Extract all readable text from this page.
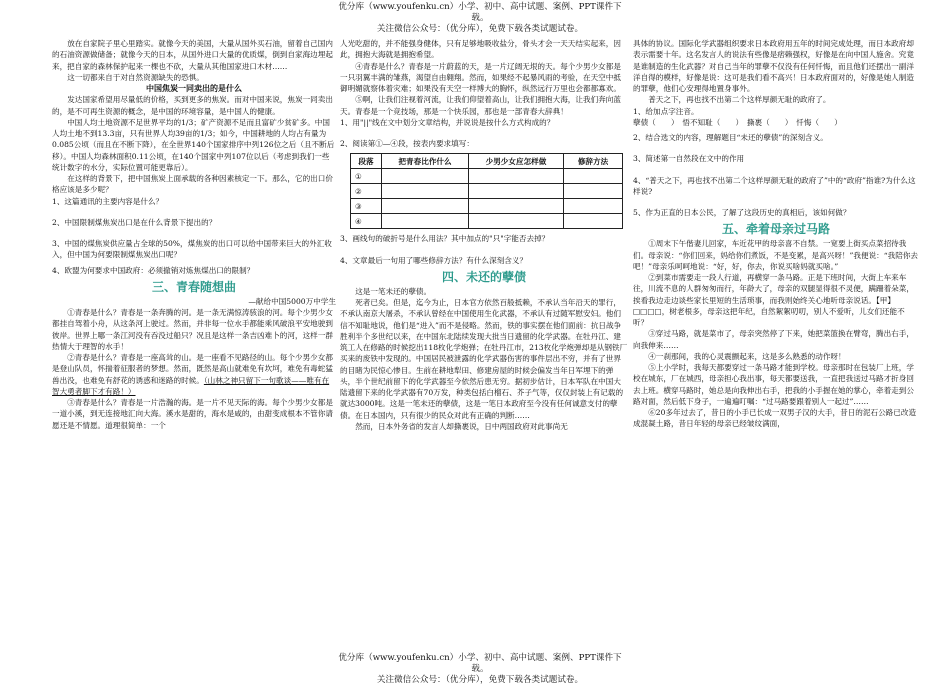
优分库（www.youfenku.cn）小学、初中、高中试题、案例、PPT课件下载。
关注微信公众号：（优分库），免费下载各类试题试卷。

放在自家院子里心里踏实。就像今天的美国，大量从国外买石油，留着自己国内的石油资源做储备；就像今天的日本，从国外进口大量的优质煤，倒到自家海边埋起来，把自家的森林保护起来一棵也不砍，大量从其他国家进口木材……

这一切都来自于对自然资源缺失的恐惧。

中国焦炭一同卖出的是什么

发达国家希望用尽量低的价格，买到更多的焦炭。而对中国来说，焦炭一同卖出的，是不可再生资源的概念，是中国的环境容量，是中国人的健康。

中国人均土地资源不足世界平均的1/3；矿产资源不足而且富矿少贫矿多。中国人均土地不到13.3亩，只有世界人均39亩的1/3；如今，中国耕地的人均占有量为0.085公顷（而且在不断下降），在全世界140个国家排序中列126位之后（且不断后移）。中国人均森林面积0.11公顷，在140个国家中列107位以后（考虑到我们一些统计数字的水分，实际位置可能更靠后）。

在这样的背景下，把中国焦炭上面承载的各种因素核定一下。那么，它的出口价格应该是多少呢？

1、这篇通讯的主要内容是什么？

2、中国限制煤焦炭出口是在什么背景下提出的？

3、中国的煤焦炭供应量占全球的50%，煤焦炭的出口可以给中国带来巨大的外汇收入，但中国为何要限制煤焦炭出口呢？

4、欧盟为何要求中国政府：必须撤销对炼焦煤出口的限制？

三、青春随想曲
—献给中国5000万中学生

①青春是什么？青春是一条奔腾的河。是一条无满惊涛骇浪的河。每个少男少女都挂自驾着小舟，从这条河上驶过。然而，并非每一位水手都能乘风破浪平安地驶到彼岸。世界上哪一条江河没有吞没过船只？况且是这样一条吉凶难卜的河，这样一群热情大于理智的水手！

②青春是什么？青春是一座高耸的山。是一座看不见路径的山。每个少男少女都是登山队员，怀揣着征服者的梦想。然而，既然是高山就难免有坎坷，难免有毒蛇猛兽出没，也难免有舒花的诱惑和迷路的时候。（山林之神只留下一句歌谈——唯有在智大勇者脚下才有路！）

③青春是什么？青春是一片浩瀚的海。是一片不见天际的海。每个少男少女都是一道小溪，到无连接地汇向大海。溪水是甜的，海水是咸的，由甜变成根本不管你请愿还是不情愿。道理很简单：一个

人光吃甜的，并不能强身健体，只有足够地吸收盐分，骨头才会一天天结实起来，因此，拥抱大海就是拥抱希望。

④青春是什么？青春是一片蔚蓝的天，是一片辽阔无垠的天。每个少男少女都是一只羽翼丰满的雏燕，渴望自由翱翔。然而，如果经不起暴风雨的考验，在天空中抵御明媚就察体着灾难；如果没有天空一样博大的胸怀，纵然远行万里也会都都寡欢。

⑤啊，让我们注视着河流，让我们仰望着高山，让我们拥抱大海，让我们奔向蓝天。青春是一个竞技场，那是一个快乐园，那也是一部青春大辞典！

1、用"||"线在文中划分文章结构，并说说是按什么方式构成的？

2、阅读第①—④段，按表内要求填写：

段落	把青春比作什么	少男少女应怎样做	修辞方法
①			
②			
③			
④			

3、画线句的破折号是什么用法？其中加点的"只"字能否去掉？

4、文章最后一句用了哪些修辞方法？有什么深刻含义？

四、未还的孽债

这是一笔未还的孽债。

死者已矣。但是，迄今为止，日本官方依然百般抵赖，不承认当年沿天的罪行，不承认南京大屠杀，不承认曾经在中国使用生化武器，不承认有过随军慰安妇。他们信不知耻地说，他们是“进入”而不是侵略。然而，铁的事实摆在他们面前：抗日战争胜利半个多世纪以来，在中国东北陆续发现大批当日遗留的化学武器。在牡丹江、建筑工人在修路的时候挖出118枚化学炮弹；在牡丹江市，213枚化学炮弹却是从钢铁厂买来的废铁中发现的。中国居民被泄露的化学武器伤害的事件层出不穷，并有了世界的目睹为民惊心惨目。生前在耕地犁田、修建房屋的时候会偏发当年日军埋下的弹头，半个世纪前留下的化学武器至今依然后患无穷。据初步估计，日本军队在中国大陆遗留下来的化学武器有70万发，种类包括白榴石、芥子气等，仅仅封装上有记载的就达3000吨。这是一笔未还的孽债，这是一笔日本政府至今没有任何诚意支付的孽债。在日本国内，只有很少的民众对此有正确的判断……

然而，日本外务省的发言人却撕裹说，日中两国政府对此事尚无

具体的协议。国际化学武器组织要求日本政府用五年的时间完成处理，而日本政府却表示需要十年。这名发言人的说法有些像是痞赖强权，好像是在向中国人施舍。究竟是谁制造的生化武器？对自己当年的罪孽不仅没有任何忏悔，而且他们还摆出一副洋洋自得的模样，好像是说：这可是我们看不高兴！日本政府面对的，好像是她人制造的罪孽，他们心安理得地置身事外。

普天之下，再也找不出第二个这样厚颜无耻的政府了。

1、给加点字注音。

孽债（　　）　悟不知耻（　　）　撕裹（　　）　忏悔（　　）

2、结合选文的内容，理解题目“未还的孽债”的深刻含义。

3、简述第一自然段在文中的作用

4、“普天之下，再也找不出第二个这样厚颜无耻的政府了”中的“政府”指谁?为什么这样说?

5、作为正直的日本公民，了解了这段历史的真相后，该如何做？

五、牵着母亲过马路

①周末下午偕妻儿回家，车近花甲的母亲喜不自禁。一宽要上街买点菜招待我们。母亲说：“你们回来，妈给你们煮饭，不是变累，是高兴呀！”我便说：“我陪你去吧！”母亲乐呵呵地说：“好，好，你去，你说买啥妈就买啥。”

②到菜市需要走一段人行道，再横穿一条马路。正是下班时间，大街上车来车往，川流不息的人群匆匆而行，年龄大了，母亲的双腿显得很不灵便，蹒跚着朵菜，挨看我边走边谈些家长里短的生活琐事，而我则始终关心地听母亲说话。【甲】□□□□，树老根多，母亲这把年纪，自然絮絮叨叨，别人不爱听，儿女们还能不听？

③穿过马路，就是菜市了，母亲突然停了下来，她把菜篮换在臂弯，腾出右手，向我伸来……

④一刹那间，我的心灵震颤起来，这是多么熟悉的动作呀！

⑤上小学时，我每天都要穿过一条马路才能到学校。母亲那时在包装厂上班，学校在城东，厂在城西，母亲担心我出事，每天都要送我，一直把我送过马路才折身回去上班。横穿马路时，她总是向我伸出右手，把我的小手握在她的掌心，牵着走到公路对面，然后低下身子，一遍遍叮嘱：“过马路要跟着别人一起过”……

⑥20多年过去了，昔日的小手已长成一双男子汉的大手，昔日的泥石公路已改造成混凝土路，昔日年轻的母亲已经皱纹满面，

优分库（www.youfenku.cn）小学、初中、高中试题、案例、PPT课件下载。
关注微信公众号：（优分库），免费下载各类试题试卷。
